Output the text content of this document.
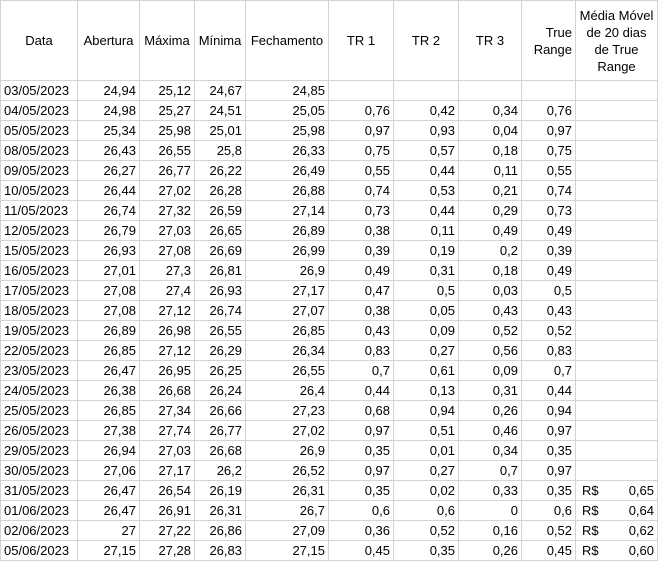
Data	Abertura	Máxima	Mínima	Fechamento	TR 1	TR 2	TR 3	True Range	Média Móvel de 20 dias de True Range
03/05/2023	24,94	25,12	24,67	24,85					
04/05/2023	24,98	25,27	24,51	25,05	0,76	0,42	0,34	0,76	
05/05/2023	25,34	25,98	25,01	25,98	0,97	0,93	0,04	0,97	
08/05/2023	26,43	26,55	25,8	26,33	0,75	0,57	0,18	0,75	
09/05/2023	26,27	26,77	26,22	26,49	0,55	0,44	0,11	0,55	
10/05/2023	26,44	27,02	26,28	26,88	0,74	0,53	0,21	0,74	
11/05/2023	26,74	27,32	26,59	27,14	0,73	0,44	0,29	0,73	
12/05/2023	26,79	27,03	26,65	26,89	0,38	0,11	0,49	0,49	
15/05/2023	26,93	27,08	26,69	26,99	0,39	0,19	0,2	0,39	
16/05/2023	27,01	27,3	26,81	26,9	0,49	0,31	0,18	0,49	
17/05/2023	27,08	27,4	26,93	27,17	0,47	0,5	0,03	0,5	
18/05/2023	27,08	27,12	26,74	27,07	0,38	0,05	0,43	0,43	
19/05/2023	26,89	26,98	26,55	26,85	0,43	0,09	0,52	0,52	
22/05/2023	26,85	27,12	26,29	26,34	0,83	0,27	0,56	0,83	
23/05/2023	26,47	26,95	26,25	26,55	0,7	0,61	0,09	0,7	
24/05/2023	26,38	26,68	26,24	26,4	0,44	0,13	0,31	0,44	
25/05/2023	26,85	27,34	26,66	27,23	0,68	0,94	0,26	0,94	
26/05/2023	27,38	27,74	26,77	27,02	0,97	0,51	0,46	0,97	
29/05/2023	26,94	27,03	26,68	26,9	0,35	0,01	0,34	0,35	
30/05/2023	27,06	27,17	26,2	26,52	0,97	0,27	0,7	0,97	
31/05/2023	26,47	26,54	26,19	26,31	0,35	0,02	0,33	0,35	R$ 0,65

01/06/2023	26,47	26,91	26,31	26,7	0,6	0,6	0	0,6	R$ 0,64

02/06/2023	27	27,22	26,86	27,09	0,36	0,52	0,16	0,52	R$ 0,62

05/06/2023	27,15	27,28	26,83	27,15	0,45	0,35	0,26	0,45	R$ 0,60
